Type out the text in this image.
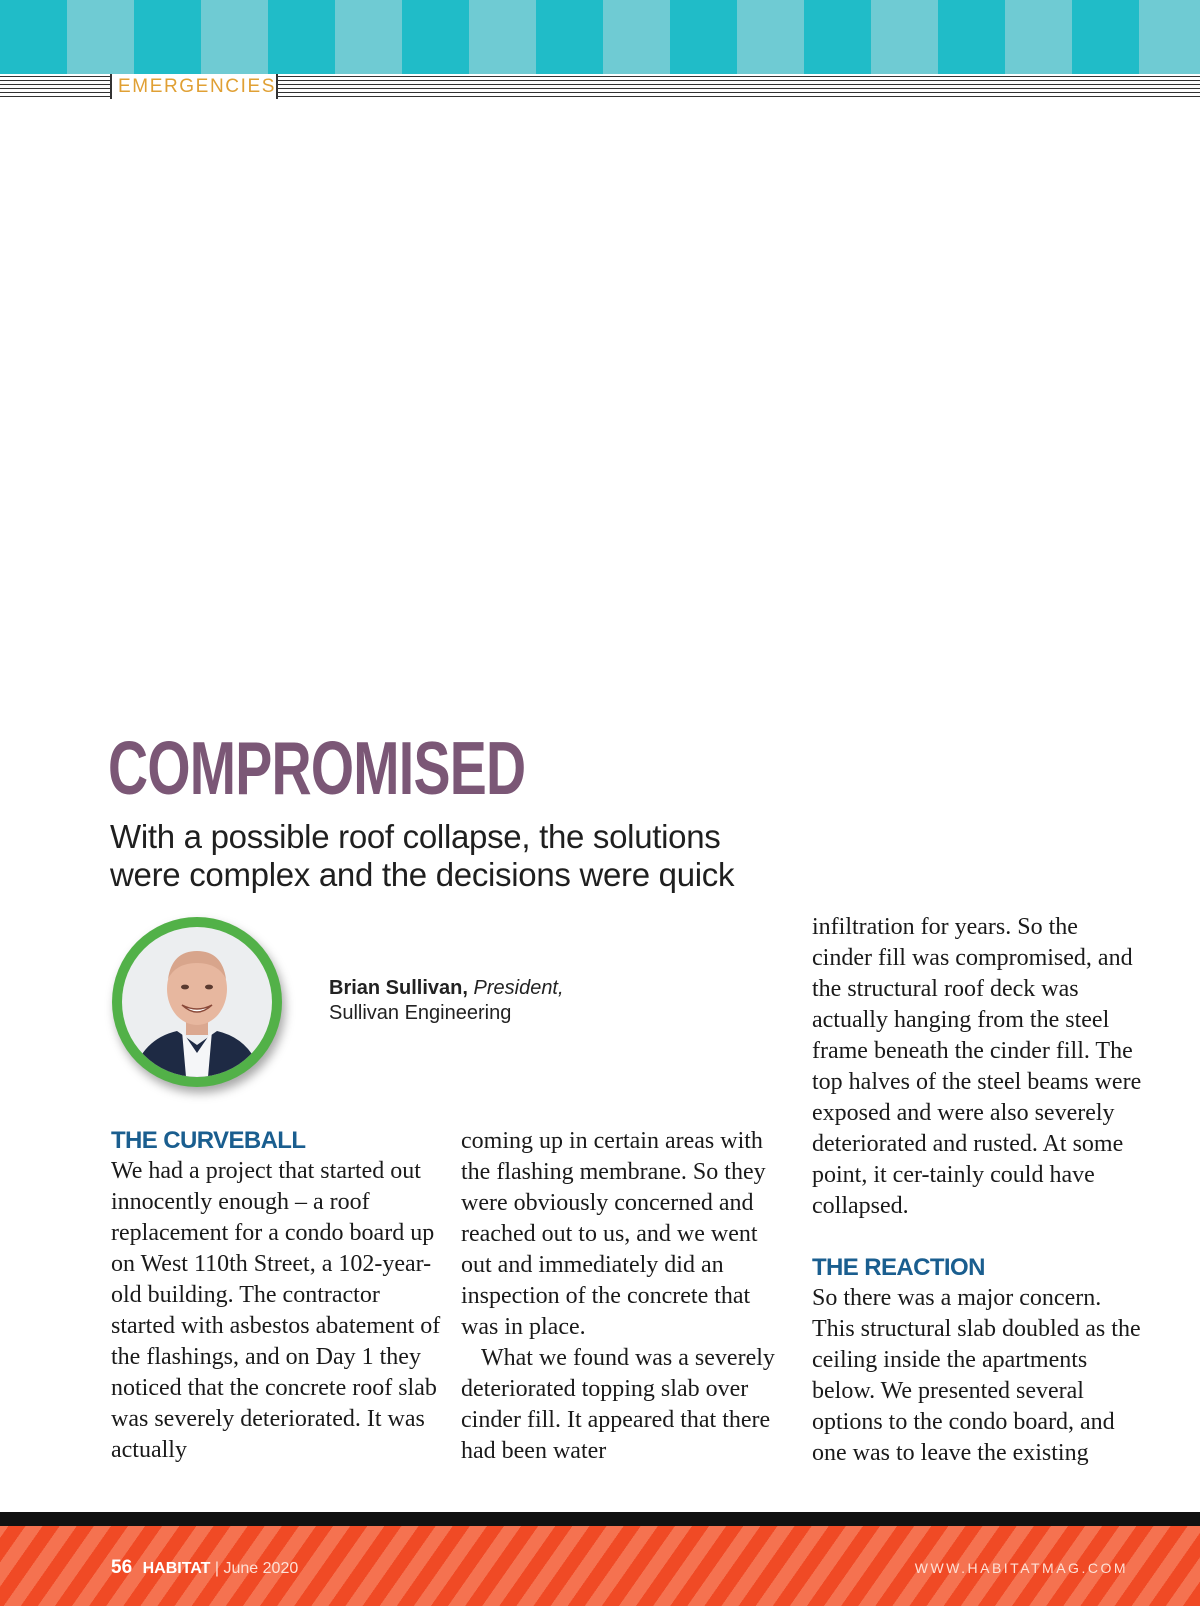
EMERGENCIES
COMPROMISED
With a possible roof collapse, the solutions
were complex and the decisions were quick
Brian Sullivan, President,
Sullivan Engineering
THE CURVEBALL

We had a project that started out innocently enough – a roof replacement for a condo board up on West 110th Street, a 102-year-old building. The contractor started with asbestos abatement of the flashings, and on Day 1 they noticed that the concrete roof slab was severely deteriorated. It was actually

coming up in certain areas with the flashing membrane. So they were obviously concerned and reached out to us, and we went out and immediately did an inspection of the concrete that was in place.

What we found was a severely deteriorated topping slab over cinder fill. It appeared that there had been water

infiltration for years. So the cinder fill was compromised, and the structural roof deck was actually hanging from the steel frame beneath the cinder fill. The top halves of the steel beams were exposed and were also severely deteriorated and rusted. At some point, it cer-tainly could have collapsed.

THE REACTION

So there was a major concern. This structural slab doubled as the ceiling inside the apartments below. We presented several options to the condo board, and one was to leave the existing

56 HABITAT | June 2020	WWW.HABITATMAG.COM
